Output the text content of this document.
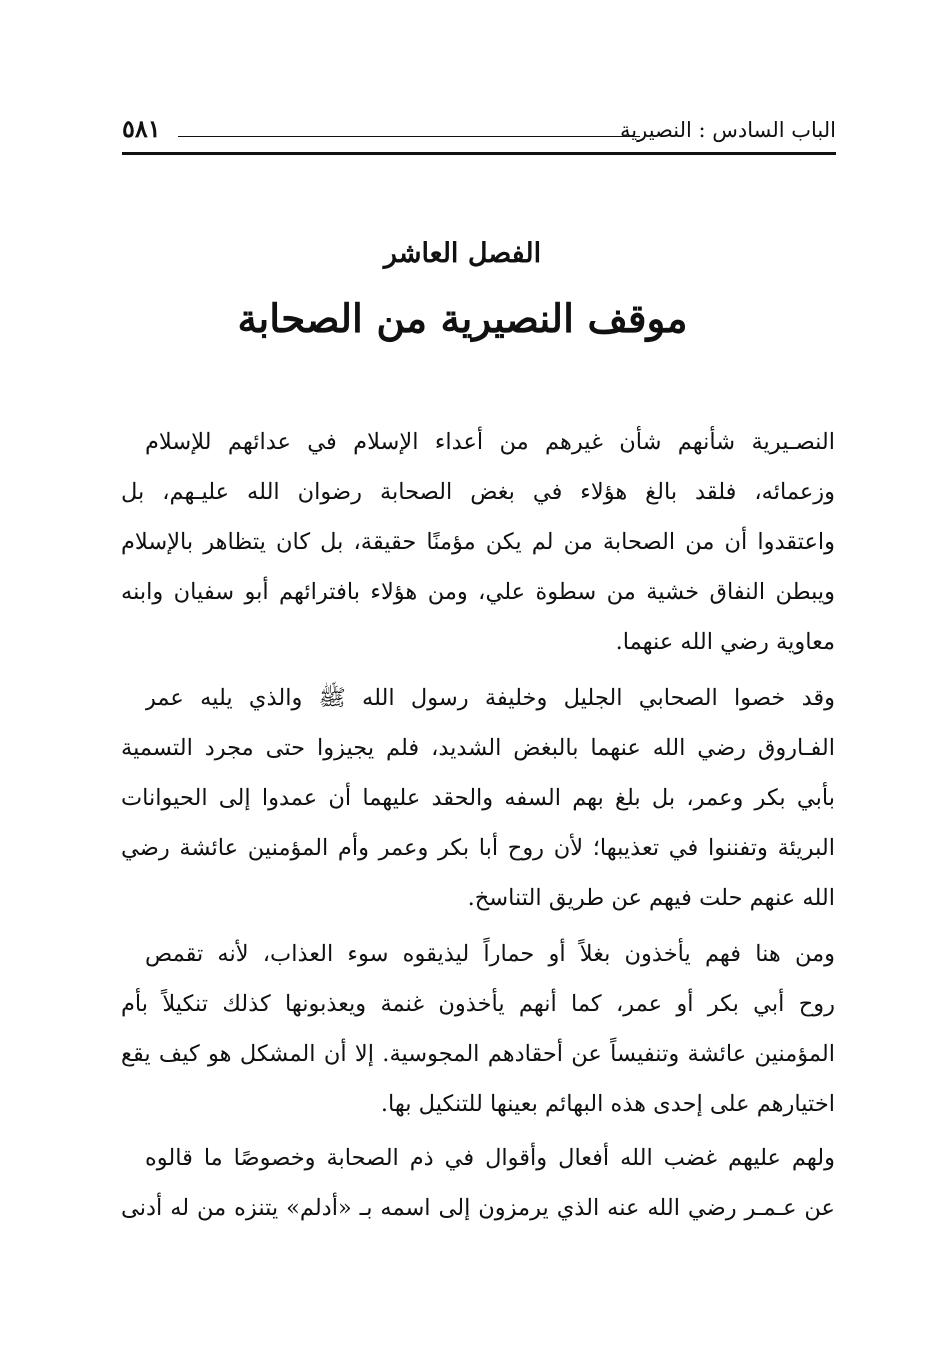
الباب السادس : النصيرية
٥٨١
الفصل العاشر
موقف النصيرية من الصحابة
النصـيرية شأنهم شأن غيرهم من أعداء الإسلام في عدائهم للإسلام
وزعمائه، فلقد بالغ هؤلاء في بغض الصحابة رضوان الله عليـهم، بل
واعتقدوا أن من الصحابة من لم يكن مؤمنًا حقيقة، بل كان يتظاهر بالإسلام
ويبطن النفاق خشية من سطوة علي، ومن هؤلاء بافترائهم أبو سفيان وابنه
معاوية رضي الله عنهما.
وقد خصوا الصحابي الجليل وخليفة رسول الله ﷺ والذي يليه عمر
الفـاروق رضي الله عنهما بالبغض الشديد، فلم يجيزوا حتى مجرد التسمية
بأبي بكر وعمر، بل بلغ بهم السفه والحقد عليهما أن عمدوا إلى الحيوانات
البريئة وتفننوا في تعذيبها؛ لأن روح أبا بكر وعمر وأم المؤمنين عائشة رضي
الله عنهم حلت فيهم عن طريق التناسخ.
ومن هنا فهم يأخذون بغلاً أو حماراً ليذيقوه سوء العذاب، لأنه تقمص
روح أبي بكر أو عمر، كما أنهم يأخذون غنمة ويعذبونها كذلك تنكيلاً بأم
المؤمنين عائشة وتنفيساً عن أحقادهم المجوسية. إلا أن المشكل هو كيف يقع
اختيارهم على إحدى هذه البهائم بعينها للتنكيل بها.
ولهم عليهم غضب الله أفعال وأقوال في ذم الصحابة وخصوصًا ما قالوه
عن عـمـر رضي الله عنه الذي يرمزون إلى اسمه بـ «أدلم» يتنزه من له أدنى
